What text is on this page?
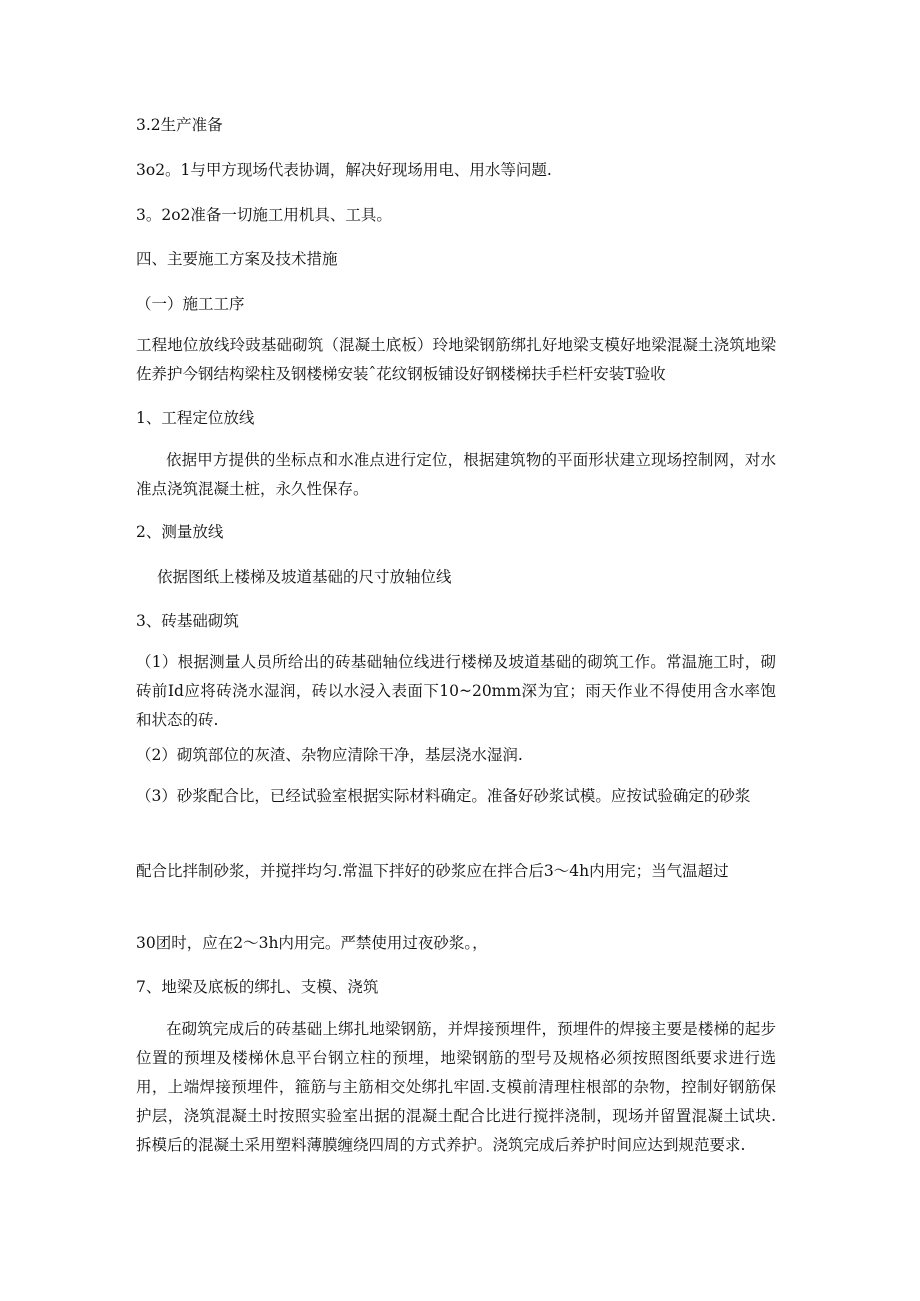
3.2生产准备
3o2。1与甲方现场代表协调，解决好现场用电、用水等问题.
3。2o2准备一切施工用机具、工具。
四、主要施工方案及技术措施
（一）施工工序
工程地位放线玲豉基础砌筑（混凝土底板）玲地梁钢筋绑扎好地梁支模好地梁混凝土浇筑地梁佐养护今钢结构梁柱及钢楼梯安装ˆ花纹钢板铺设好钢楼梯扶手栏杆安装T验收
1、工程定位放线
依据甲方提供的坐标点和水准点进行定位，根据建筑物的平面形状建立现场控制网，对水准点浇筑混凝土桩，永久性保存。
2、测量放线
依据图纸上楼梯及坡道基础的尺寸放轴位线
3、砖基础砌筑
（1）根据测量人员所给出的砖基础轴位线进行楼梯及坡道基础的砌筑工作。常温施工时，砌砖前Id应将砖浇水湿润，砖以水浸入表面下10~20mm深为宜；雨天作业不得使用含水率饱和状态的砖.
（2）砌筑部位的灰渣、杂物应清除干净，基层浇水湿润.
（3）砂浆配合比，已经试验室根据实际材料确定。准备好砂浆试模。应按试验确定的砂浆
配合比拌制砂浆，并搅拌均匀.常温下拌好的砂浆应在拌合后3～4h内用完；当气温超过
30团时，应在2～3h内用完。严禁使用过夜砂浆。，
7、地梁及底板的绑扎、支模、浇筑
在砌筑完成后的砖基础上绑扎地梁钢筋，并焊接预埋件，预埋件的焊接主要是楼梯的起步位置的预埋及楼梯休息平台钢立柱的预埋，地梁钢筋的型号及规格必须按照图纸要求进行选用，上端焊接预埋件，箍筋与主筋相交处绑扎牢固.支模前清理柱根部的杂物，控制好钢筋保护层，浇筑混凝土时按照实验室出据的混凝土配合比进行搅拌浇制，现场并留置混凝土试块.拆模后的混凝土采用塑料薄膜缠绕四周的方式养护。浇筑完成后养护时间应达到规范要求.
